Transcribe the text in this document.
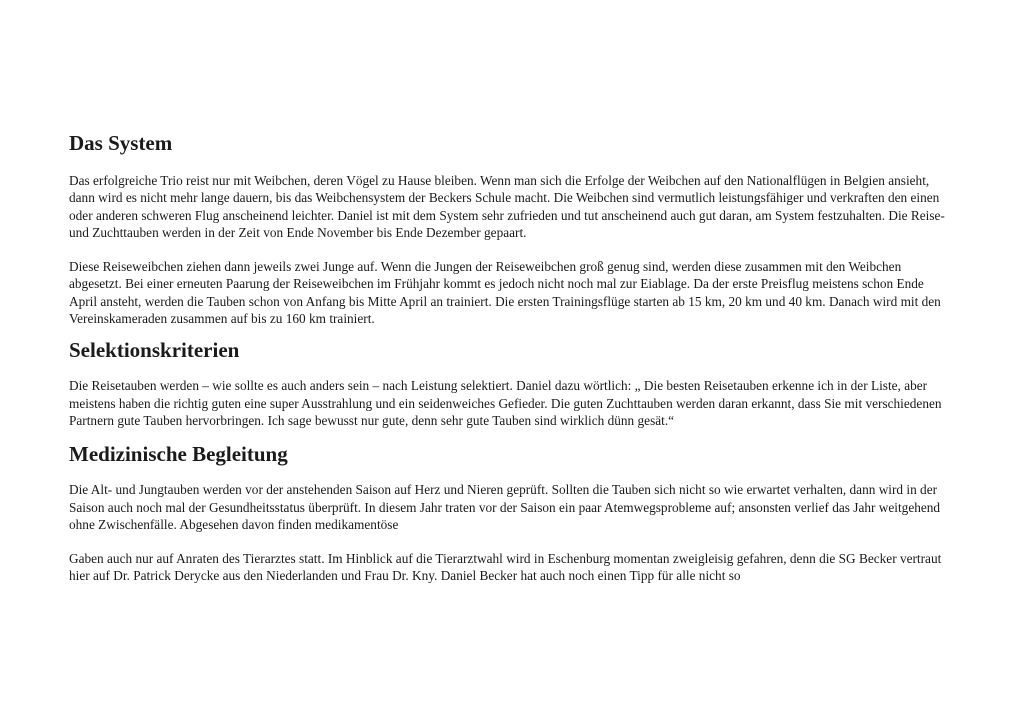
Das System

Das erfolgreiche Trio reist nur mit Weibchen, deren Vögel zu Hause bleiben. Wenn man sich die Erfolge der Weibchen auf den Nationalflügen in Belgien ansieht, dann wird es nicht mehr lange dauern, bis das Weibchensystem der Beckers Schule macht. Die Weibchen sind vermutlich leistungsfähiger und verkraften den einen oder anderen schweren Flug anscheinend leichter. Daniel ist mit dem System sehr zufrieden und tut anscheinend auch gut daran, am System festzuhalten. Die Reise- und Zuchttauben werden in der Zeit von Ende November bis Ende Dezember gepaart.

Diese Reiseweibchen ziehen dann jeweils zwei Junge auf. Wenn die Jungen der Reiseweibchen groß genug sind, werden diese zusammen mit den Weibchen abgesetzt. Bei einer erneuten Paarung der Reiseweibchen im Frühjahr kommt es jedoch nicht noch mal zur Eiablage. Da der erste Preisflug meistens schon Ende April ansteht, werden die Tauben schon von Anfang bis Mitte April an trainiert. Die ersten Trainingsflüge starten ab 15 km, 20 km und 40 km. Danach wird mit den Vereinskameraden zusammen auf bis zu 160 km trainiert.

Selektionskriterien

Die Reisetauben werden – wie sollte es auch anders sein – nach Leistung selektiert. Daniel dazu wörtlich: „ Die besten Reisetauben erkenne ich in der Liste, aber meistens haben die richtig guten eine super Ausstrahlung und ein seidenweiches Gefieder. Die guten Zuchttauben werden daran erkannt, dass Sie mit verschiedenen Partnern gute Tauben hervorbringen. Ich sage bewusst nur gute, denn sehr gute Tauben sind wirklich dünn gesät.“

Medizinische Begleitung

Die Alt- und Jungtauben werden vor der anstehenden Saison auf Herz und Nieren geprüft. Sollten die Tauben sich nicht so wie erwartet verhalten, dann wird in der Saison auch noch mal der Gesundheitsstatus überprüft. In diesem Jahr traten vor der Saison ein paar Atemwegsprobleme auf; ansonsten verlief das Jahr weitgehend ohne Zwischenfälle. Abgesehen davon finden medikamentöse

Gaben auch nur auf Anraten des Tierarztes statt. Im Hinblick auf die Tierarztwahl wird in Eschenburg momentan zweigleisig gefahren, denn die SG Becker vertraut hier auf Dr. Patrick Derycke aus den Niederlanden und Frau Dr. Kny. Daniel Becker hat auch noch einen Tipp für alle nicht so
